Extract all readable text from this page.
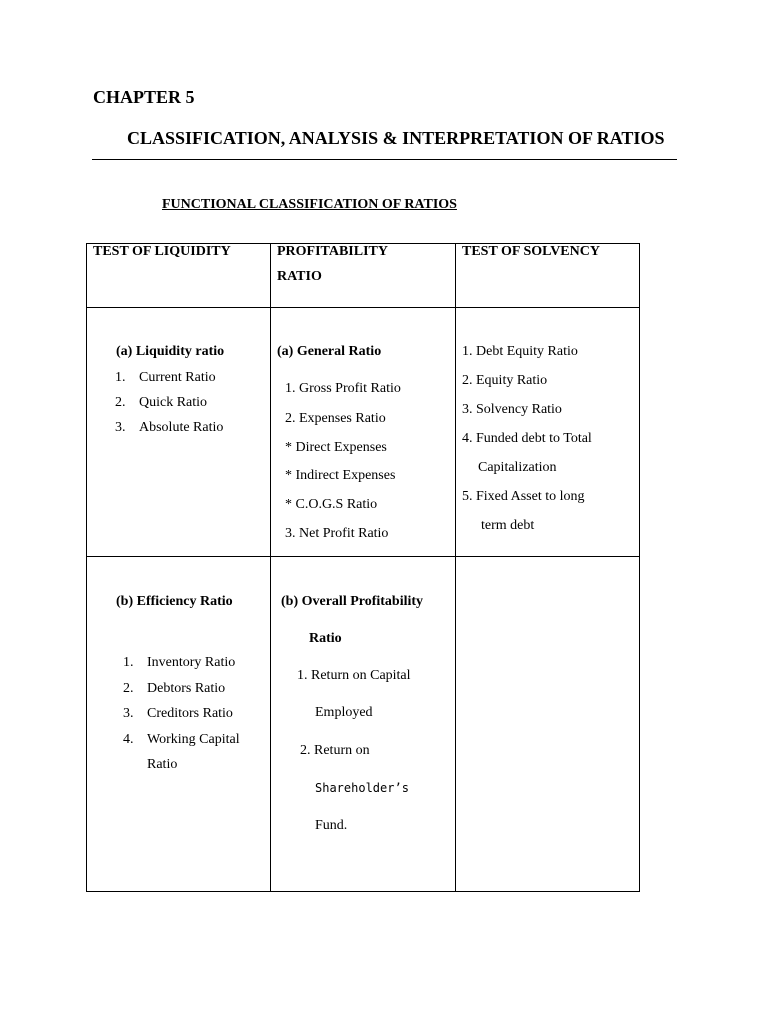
CHAPTER 5
CLASSIFICATION, ANALYSIS & INTERPRETATION OF RATIOS
FUNCTIONAL CLASSIFICATION OF RATIOS
TEST OF LIQUIDITY	PROFITABILITY
RATIO
TEST OF SOLVENCY
(a) Liquidity ratio
1. Current Ratio
2. Quick Ratio
3. Absolute Ratio
(a) General Ratio
1. Gross Profit Ratio
2. Expenses Ratio
* Direct Expenses
* Indirect Expenses
* C.O.G.S Ratio
3. Net Profit Ratio
1. Debt Equity Ratio
2. Equity Ratio
3. Solvency Ratio
4. Funded debt to Total
Capitalization
5. Fixed Asset to long
term debt
(b) Efficiency Ratio
1. Inventory Ratio
2. Debtors Ratio
3. Creditors Ratio
4. Working Capital
Ratio
(b) Overall Profitability
Ratio
1. Return on Capital
Employed
2. Return on
Shareholder’s
Fund.
